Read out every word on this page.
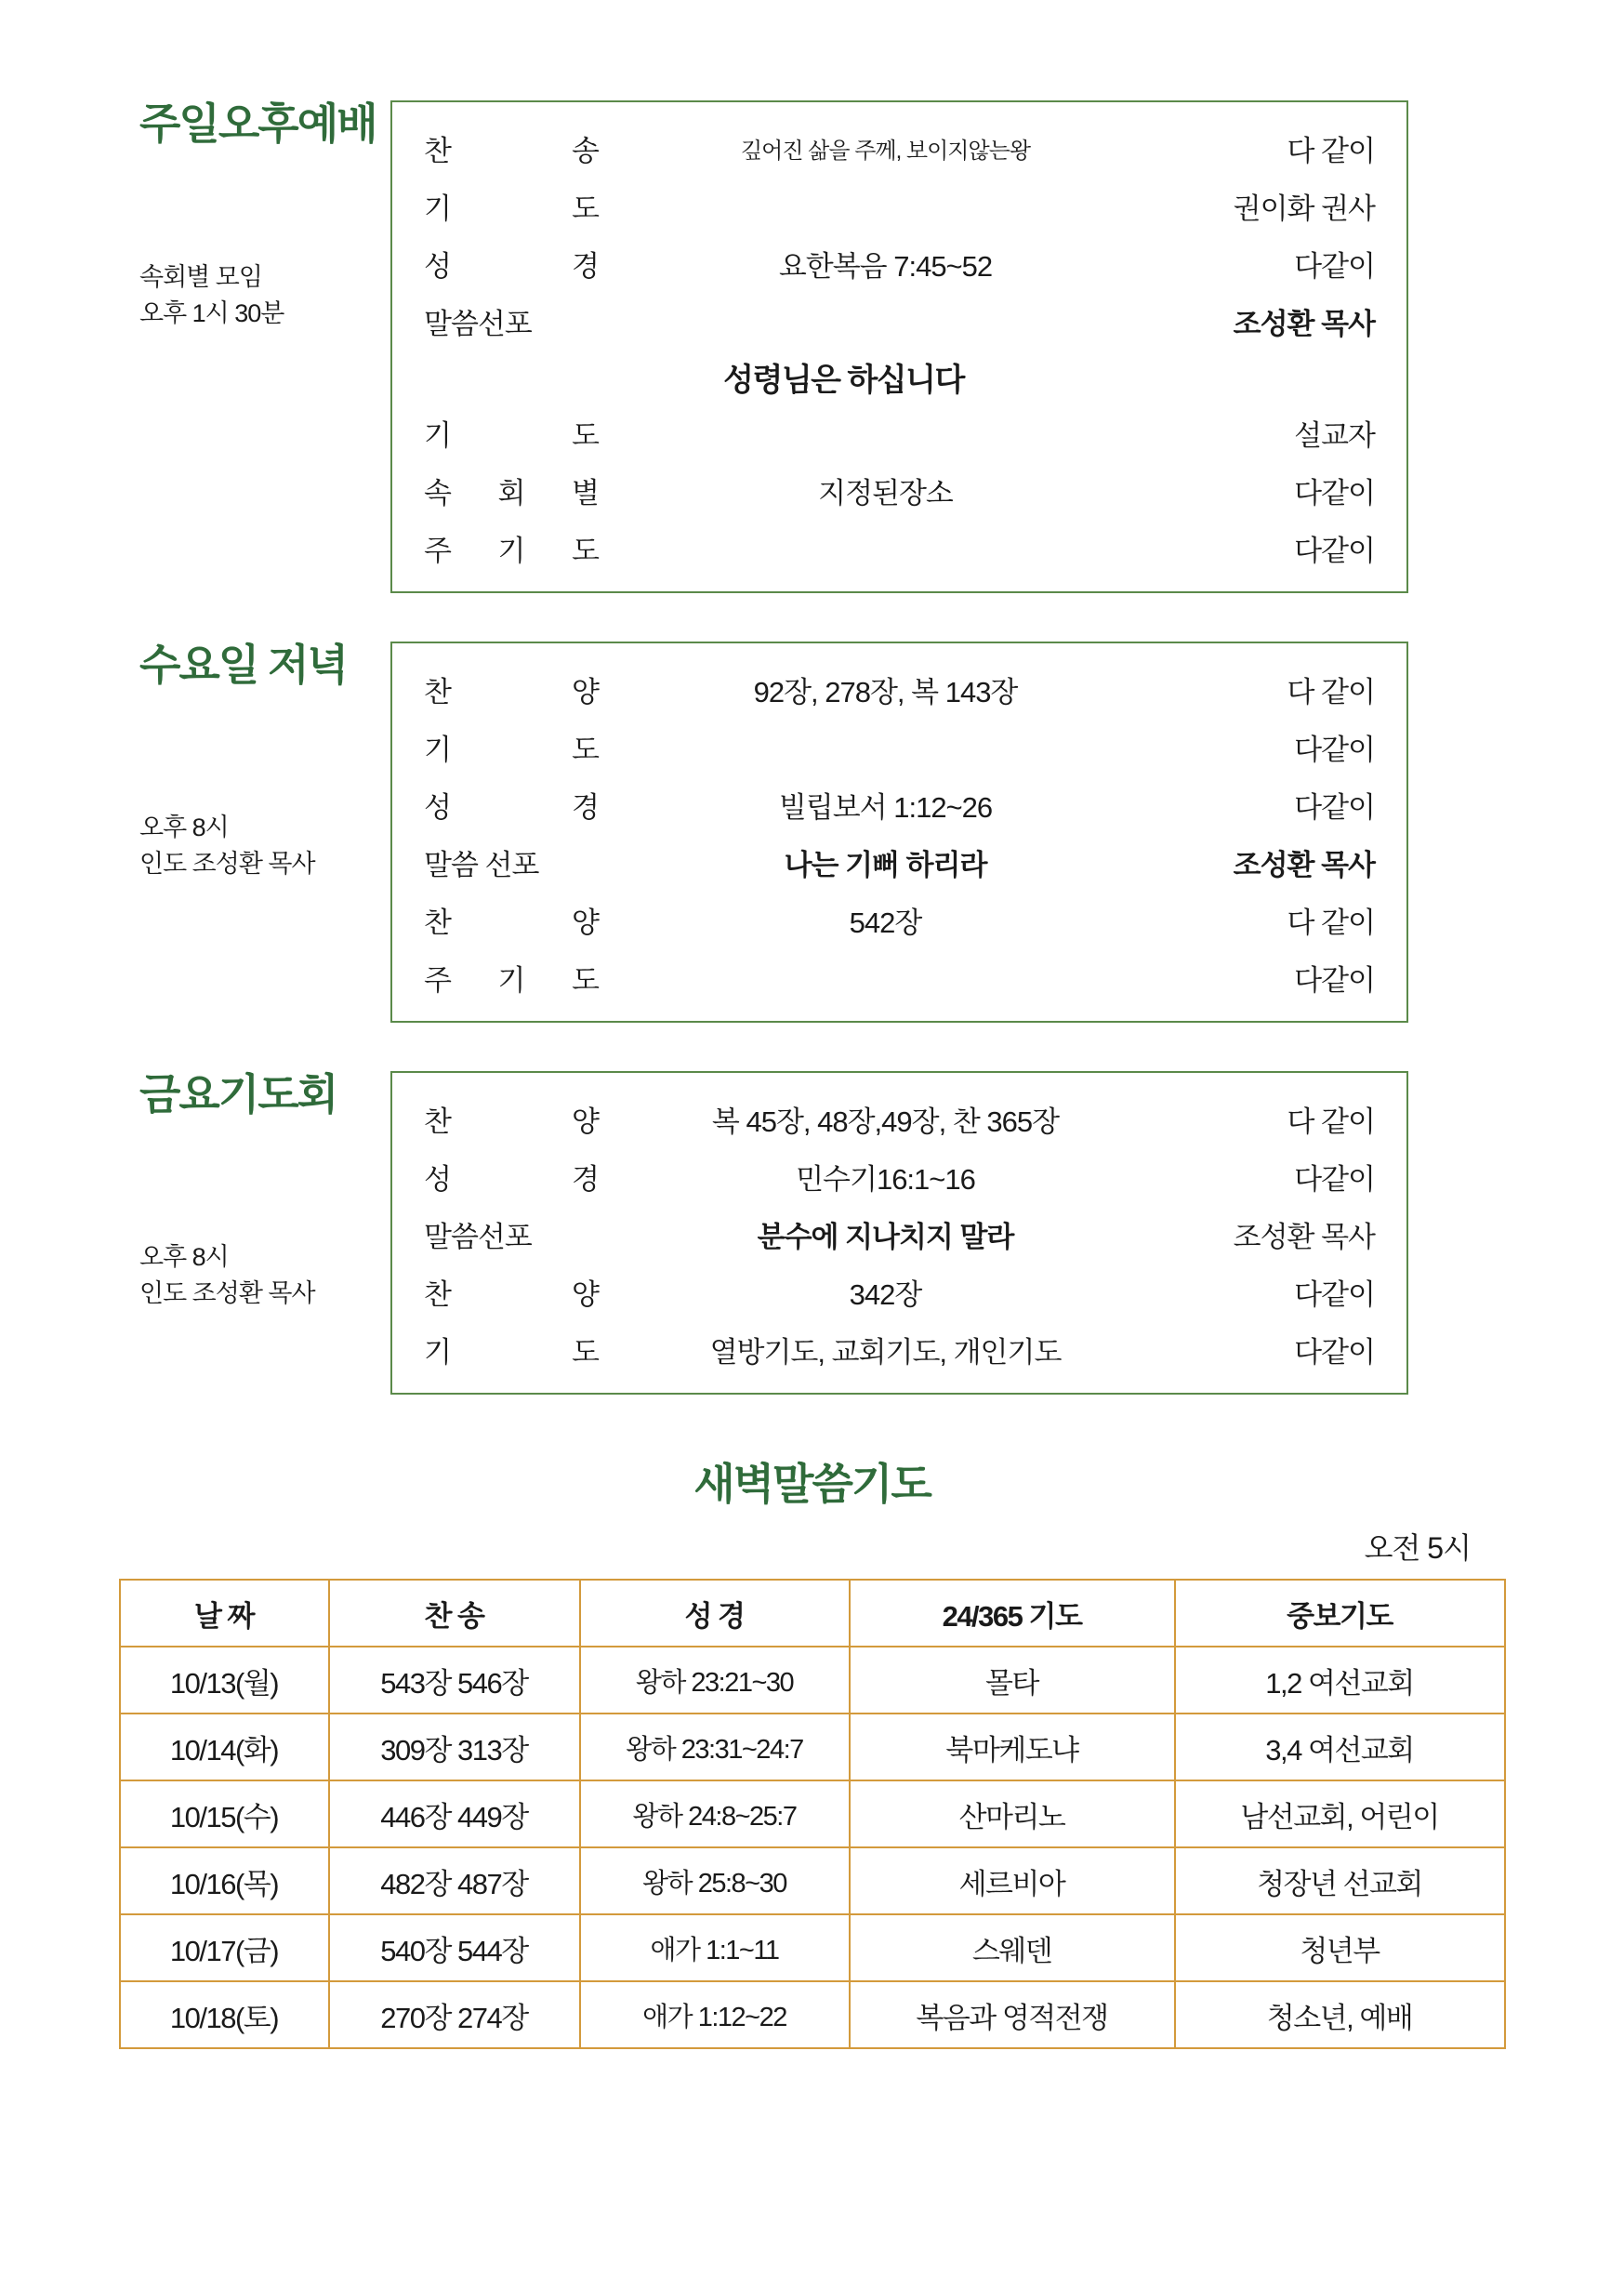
주일오후예배
속회별 모임
오후 1시 30분
찬	송	깊어진 삶을 주께, 보이지않는왕	다 같이
기	도	권이화 권사
성	경	요한복음 7:45~52	다같이
말씀선포	조성환 목사
성령님은 하십니다
기	도	설교자
속 회 별	지정된장소	다같이
주 기 도	다같이
수요일 저녁
오후 8시
인도 조성환 목사
찬	양	92장, 278장, 복 143장	다 같이
기	도	다같이
성	경	빌립보서 1:12~26	다같이
말씀 선포	나는 기뻐 하리라	조성환 목사
찬	양	542장	다 같이
주 기 도	다같이
금요기도회
오후 8시
인도 조성환 목사
찬	양	복 45장, 48장,49장, 찬 365장	다 같이
성	경	민수기16:1~16	다같이
말씀선포	분수에 지나치지 말라	조성환 목사
찬	양	342장	다같이
기	도	열방기도, 교회기도, 개인기도	다같이
새벽말씀기도
오전 5시
날 짜	찬 송	성 경	24/365 기도	중보기도
10/13(월)	543장 546장	왕하 23:21~30	몰타	1,2 여선교회
10/14(화)	309장 313장	왕하 23:31~24:7	북마케도냐	3,4 여선교회
10/15(수)	446장 449장	왕하 24:8~25:7	산마리노	남선교회, 어린이
10/16(목)	482장 487장	왕하 25:8~30	세르비아	청장년 선교회
10/17(금)	540장 544장	애가 1:1~11	스웨덴	청년부
10/18(토)	270장 274장	애가 1:12~22	복음과 영적전쟁	청소년, 예배
